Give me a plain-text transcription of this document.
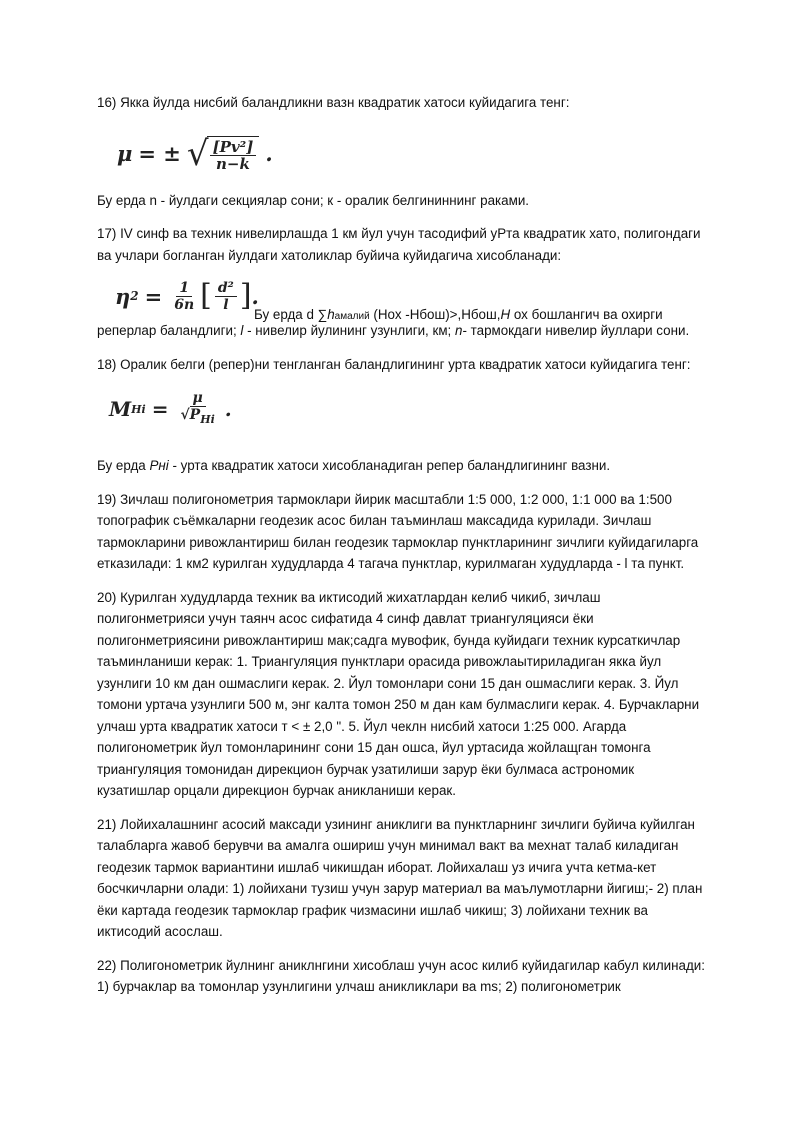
16) Якка йулда нисбий баландликни вазн квадратик хатоси куйидагига тенг:

μ = ± √ $\frac{\text{[Pv²]}}{n-k}$ .

Бу ерда n - йулдаги секциялар сони; к - оралик белгининнинг раками.

17) IV синф ва техник нивелирлашда 1 км йул учун тасодифий уРта квадратик хато, полигондаги ва учлари богланган йулдаги хатоликлар буйича куйидагича хисобланади:

η $2 = \frac{1}{6n}$ [ $\frac{\text{d²}}{l}$ ] .
Бу ерда d ∑hамалий (Нох -Нбош)>,Нбош,Н ох бошлангич ва охирги

реперлар баландлиги; l - нивелир йулининг узунлиги, км; n- тармокдаги нивелир йуллари сони.

18) Оралик белги (репер)ни тенгланган баландлигининг урта квадратик хатоси куйидагига тенг:

M $Hi = \frac{\mu}{√P_{Hi}}$ .

Бу ерда Рнi - урта квадратик хатоси хисобланадиган репер баландлигининг вазни.

19) Зичлаш полигонометрия тармоклари йирик масштабли 1:5 000, 1:2 000, 1:1 000 ва 1:500 топографик съёмкаларни геодезик асос билан таъминлаш максадида курилади. Зичлаш тармокларини ривожлантириш билан геодезик тармоклар пунктларининг зичлиги куйидагиларга етказилади: 1 км2 курилган худудларда 4 тагача пунктлар, курилмаган худудларда - l та пункт.

20) Курилган худудларда техник ва иктисодий жихатлардан келиб чикиб, зичлаш полигонметрияси учун таянч асос сифатида 4 синф давлат триангуляцияси ёки полигонметриясини ривожлантириш мак;садга мувофик, бунда куйидаги техник курсаткичлар таъминланиши керак: 1. Триангуляция пунктлари орасида ривожлаытириладиган якка йул узунлиги 10 км дан ошмаслиги керак. 2. Йул томонлари сони 15 дан ошмаслиги керак. 3. Йул томони уртача узунлиги 500 м, энг калта томон 250 м дан кам булмаслиги керак. 4. Бурчакларни улчаш урта квадратик хатоси т < ± 2,0 ". 5. Йул чеклн нисбий хатоси 1:25 000. Агарда полигонометрик йул томонларининг сони 15 дан ошса, йул уртасида жойлащган томонга триангуляция томонидан дирекцион бурчак узатилиши зарур ёки булмаса астрономик кузатишлар орцали дирекцион бурчак аникланиши керак.

21) Лойихалашнинг асосий максади узининг аниклиги ва пунктларнинг зичлиги буйича куйилган талабларга жавоб берувчи ва амалга ошириш учун минимал вакт ва мехнат талаб киладиган геодезик тармок вариантини ишлаб чикишдан иборат. Лойихалаш уз ичига учта кетма-кет босчкичларни олади: 1) лойихани тузиш учун зарур материал ва маълумотларни йигиш;- 2) план ёки картада геодезик тармоклар график чизмасини ишлаб чикиш; 3) лойихани техник ва иктисодий асослаш.

22) Полигонометрик йулнинг аниклнгини хисоблаш учун асос килиб куйидагилар кабул килинади: 1) бурчаклар ва томонлар узунлигини улчаш аникликлари ва ms; 2) полигонометрик
